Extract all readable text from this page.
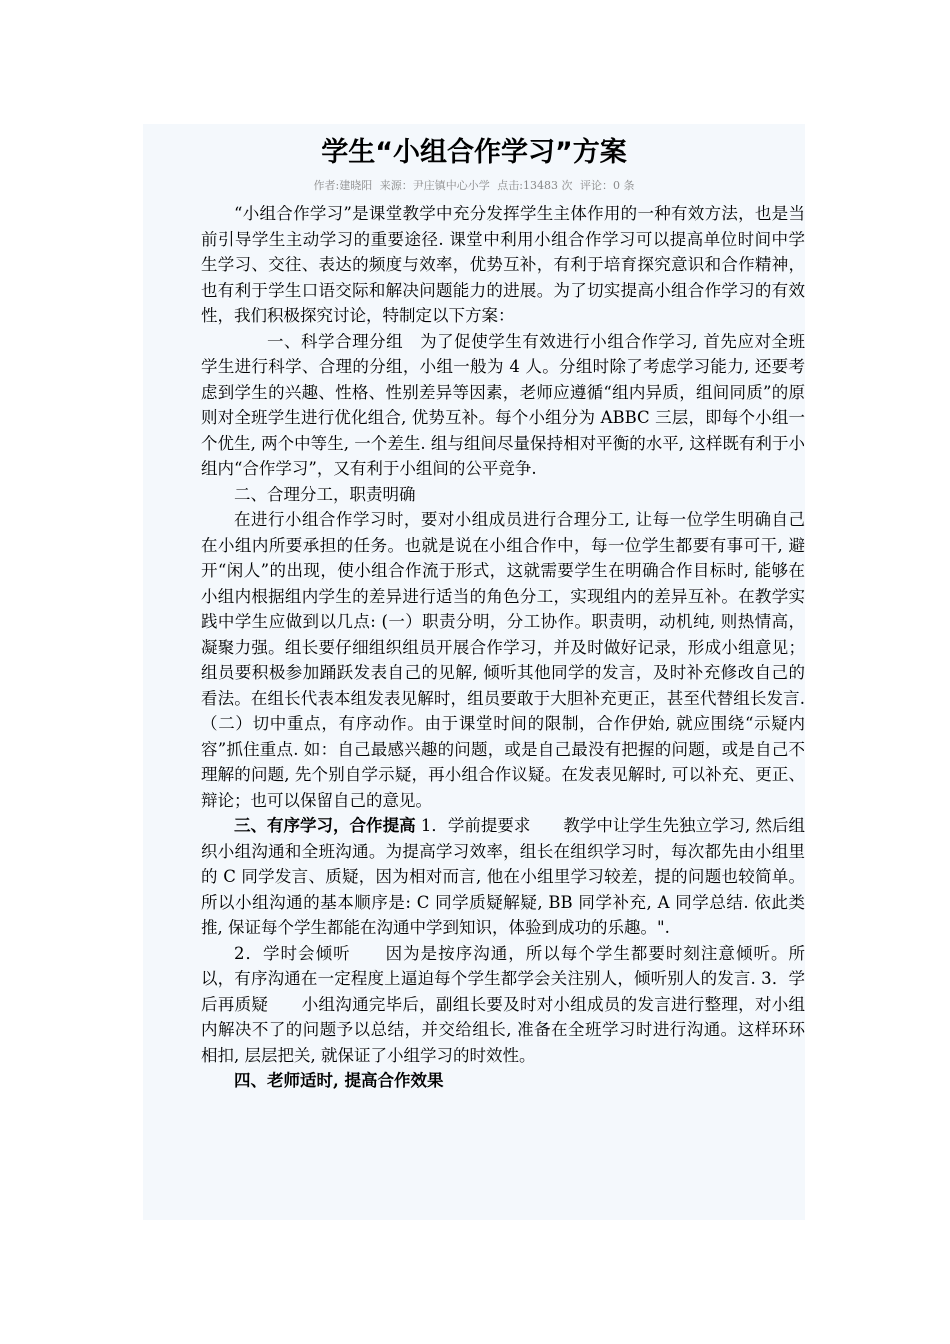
学生“小组合作学习”方案
作者:建晓阳 来源：尹庄镇中心小学 点击:13483 次 评论：0 条

“小组合作学习”是课堂教学中充分发挥学生主体作用的一种有效方法，也是当前引导学生主动学习的重要途径. 课堂中利用小组合作学习可以提高单位时间中学生学习、交往、表达的频度与效率，优势互补，有利于培育探究意识和合作精神，也有利于学生口语交际和解决问题能力的进展。为了切实提高小组合作学习的有效性，我们积极探究讨论，特制定以下方案：

一、科学合理分组　为了促使学生有效进行小组合作学习, 首先应对全班学生进行科学、合理的分组，小组一般为 4 人。分组时除了考虑学习能力, 还要考虑到学生的兴趣、性格、性别差异等因素，老师应遵循“组内异质，组间同质”的原则对全班学生进行优化组合, 优势互补。每个小组分为 ABBC 三层，即每个小组一个优生, 两个中等生, 一个差生. 组与组间尽量保持相对平衡的水平, 这样既有利于小组内“合作学习”，又有利于小组间的公平竞争.

二、合理分工，职责明确

在进行小组合作学习时，要对小组成员进行合理分工, 让每一位学生明确自己在小组内所要承担的任务。也就是说在小组合作中，每一位学生都要有事可干, 避开“闲人”的出现，使小组合作流于形式，这就需要学生在明确合作目标时, 能够在小组内根据组内学生的差异进行适当的角色分工，实现组内的差异互补。在教学实践中学生应做到以几点: (一）职责分明，分工协作。职责明，动机纯, 则热情高，凝聚力强。组长要仔细组织组员开展合作学习，并及时做好记录，形成小组意见；组员要积极参加踊跃发表自己的见解, 倾听其他同学的发言，及时补充修改自己的看法。在组长代表本组发表见解时，组员要敢于大胆补充更正，甚至代替组长发言.（二）切中重点，有序动作。由于课堂时间的限制，合作伊始, 就应围绕“示疑内容”抓住重点. 如：自己最感兴趣的问题，或是自己最没有把握的问题，或是自己不理解的问题, 先个别自学示疑，再小组合作议疑。在发表见解时, 可以补充、更正、辩论；也可以保留自己的意见。

三、有序学习，合作提高 1．学前提要求　　教学中让学生先独立学习, 然后组织小组沟通和全班沟通。为提高学习效率，组长在组织学习时，每次都先由小组里的 C 同学发言、质疑，因为相对而言, 他在小组里学习较差，提的问题也较简单。所以小组沟通的基本顺序是: C 同学质疑解疑, BB 同学补充, A 同学总结. 依此类推, 保证每个学生都能在沟通中学到知识，体验到成功的乐趣。".

2．学时会倾听　　因为是按序沟通，所以每个学生都要时刻注意倾听。所以，有序沟通在一定程度上逼迫每个学生都学会关注别人，倾听别人的发言. 3．学后再质疑　　小组沟通完毕后，副组长要及时对小组成员的发言进行整理，对小组内解决不了的问题予以总结，并交给组长, 准备在全班学习时进行沟通。这样环环相扣, 层层把关, 就保证了小组学习的时效性。

四、老师适时, 提高合作效果
